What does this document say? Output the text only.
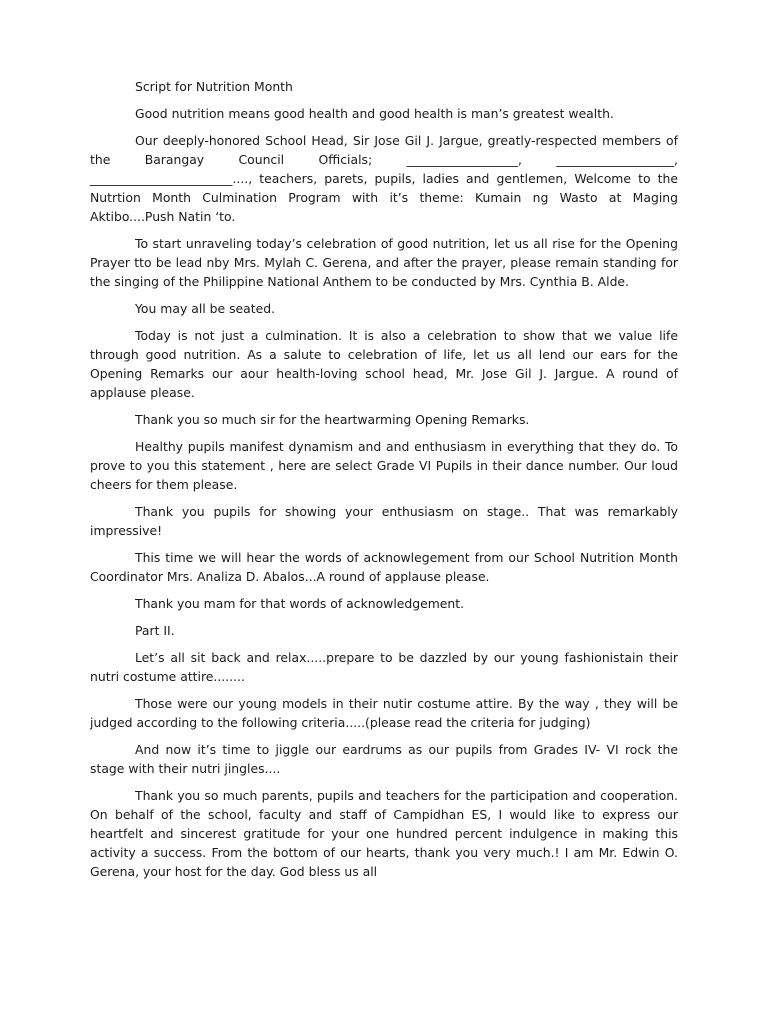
Script for Nutrition Month

Good nutrition means good health and good health is man’s greatest wealth.

Our deeply-honored School Head, Sir Jose Gil J. Jargue, greatly-respected members of the Barangay Council Officials; __________________, ___________________, _______________________...., teachers, parets, pupils, ladies and gentlemen, Welcome to the Nutrtion Month Culmination Program with it’s theme: Kumain ng Wasto at Maging Aktibo....Push Natin ‘to.

To start unraveling today’s celebration of good nutrition, let us all rise for the Opening Prayer tto be lead nby Mrs. Mylah C. Gerena, and after the prayer, please remain standing for the singing of the Philippine National Anthem to be conducted by Mrs. Cynthia B. Alde.

You may all be seated.

Today is not just a culmination. It is also a celebration to show that we value life through good nutrition. As a salute to celebration of life, let us all lend our ears for the Opening Remarks our aour health-loving school head, Mr. Jose Gil J. Jargue. A round of applause please.

Thank you so much sir for the heartwarming Opening Remarks.

Healthy pupils manifest dynamism and and enthusiasm in everything that they do. To prove to you this statement , here are select Grade VI Pupils in their dance number. Our loud cheers for them please.

Thank you pupils for showing your enthusiasm on stage.. That was remarkably impressive!

This time we will hear the words of acknowlegement from our School Nutrition Month Coordinator Mrs. Analiza D. Abalos...A round of applause please.

Thank you mam for that words of acknowledgement.

Part II.

Let’s all sit back and relax.....prepare to be dazzled by our young fashionistain their nutri costume attire........

Those were our young models in their nutir costume attire. By the way , they will be judged according to the following criteria.....(please read the criteria for judging)

And now it’s time to jiggle our eardrums as our pupils from Grades IV- VI rock the stage with their nutri jingles....

Thank you so much parents, pupils and teachers for the participation and cooperation. On behalf of the school, faculty and staff of Campidhan ES, I would like to express our heartfelt and sincerest gratitude for your one hundred percent indulgence in making this activity a success. From the bottom of our hearts, thank you very much.! I am Mr. Edwin O. Gerena, your host for the day. God bless us all
